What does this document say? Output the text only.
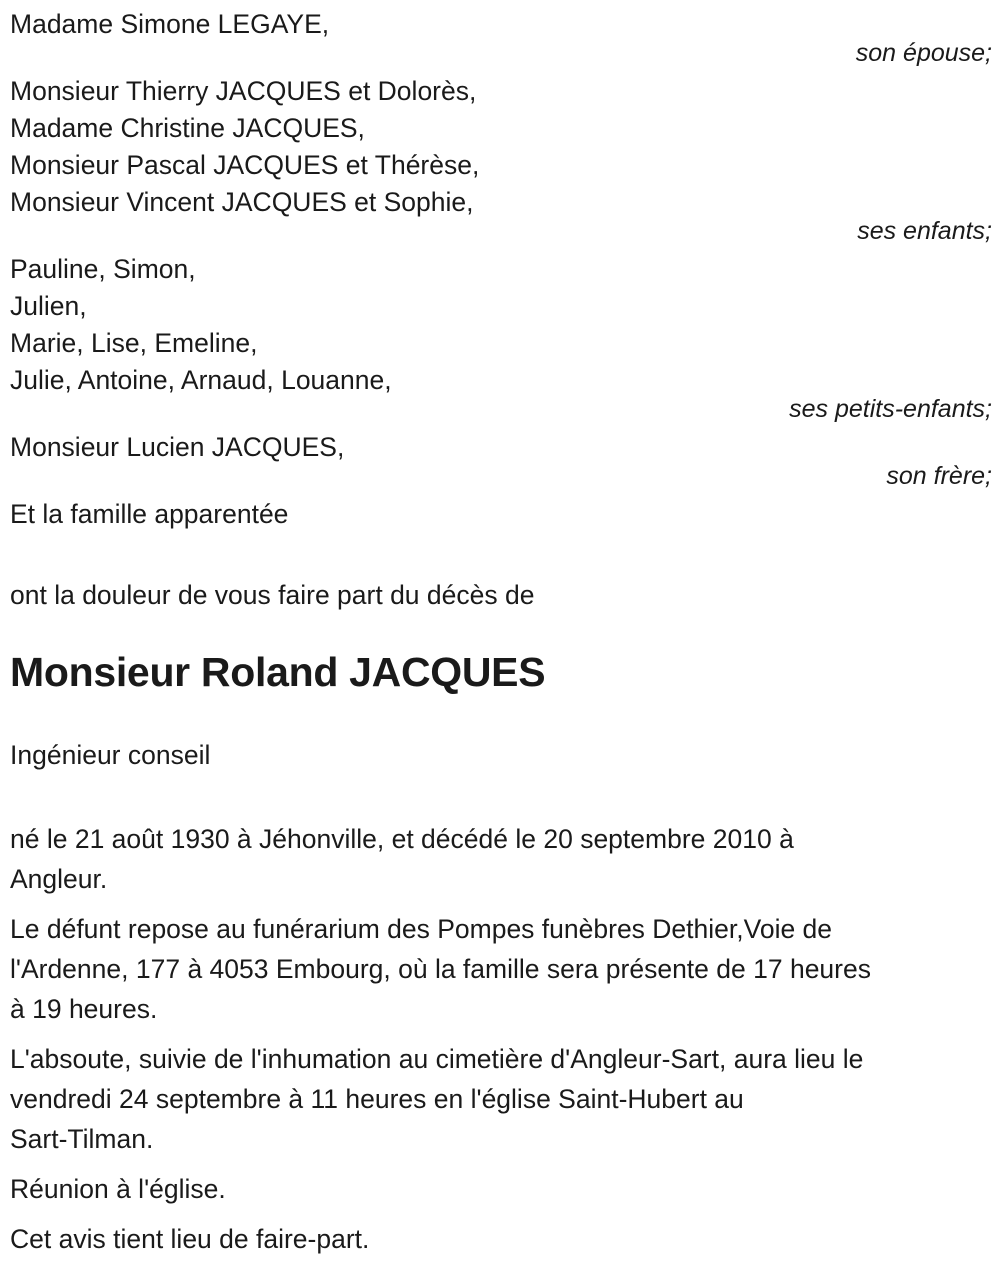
Madame Simone LEGAYE,

son épouse;

Monsieur Thierry JACQUES et Dolorès,

Madame Christine JACQUES,

Monsieur Pascal JACQUES et Thérèse,

Monsieur Vincent JACQUES et Sophie,

ses enfants;

Pauline, Simon,

Julien,

Marie, Lise, Emeline,

Julie, Antoine, Arnaud, Louanne,

ses petits-enfants;

Monsieur Lucien JACQUES,

son frère;

Et la famille apparentée

ont la douleur de vous faire part du décès de

Monsieur Roland JACQUES

Ingénieur conseil

né le 21 août 1930 à Jéhonville, et décédé le 20 septembre 2010 à
Angleur.
Le défunt repose au funérarium des Pompes funèbres Dethier,Voie de
l'Ardenne, 177 à 4053 Embourg, où la famille sera présente de 17 heures
à 19 heures.
L'absoute, suivie de l'inhumation au cimetière d'Angleur-Sart, aura lieu le
vendredi 24 septembre à 11 heures en l'église Saint-Hubert au
Sart-Tilman.
Réunion à l'église.
Cet avis tient lieu de faire-part.
